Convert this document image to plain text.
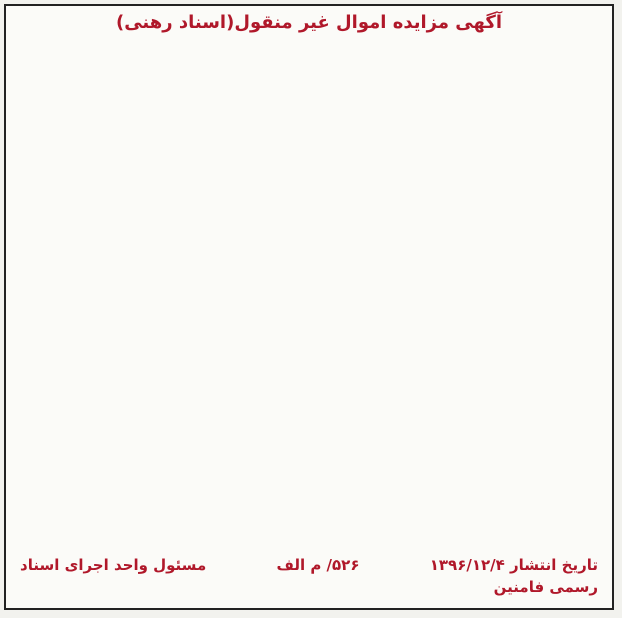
آگهی مزایده اموال غیر منقول(اسناد رهنی)
تاریخ انتشار ۱۳۹۶/۱۲/۴
۵۲۶/ م الف
مسئول واحد اجرای اسناد
رسمی فامنین
